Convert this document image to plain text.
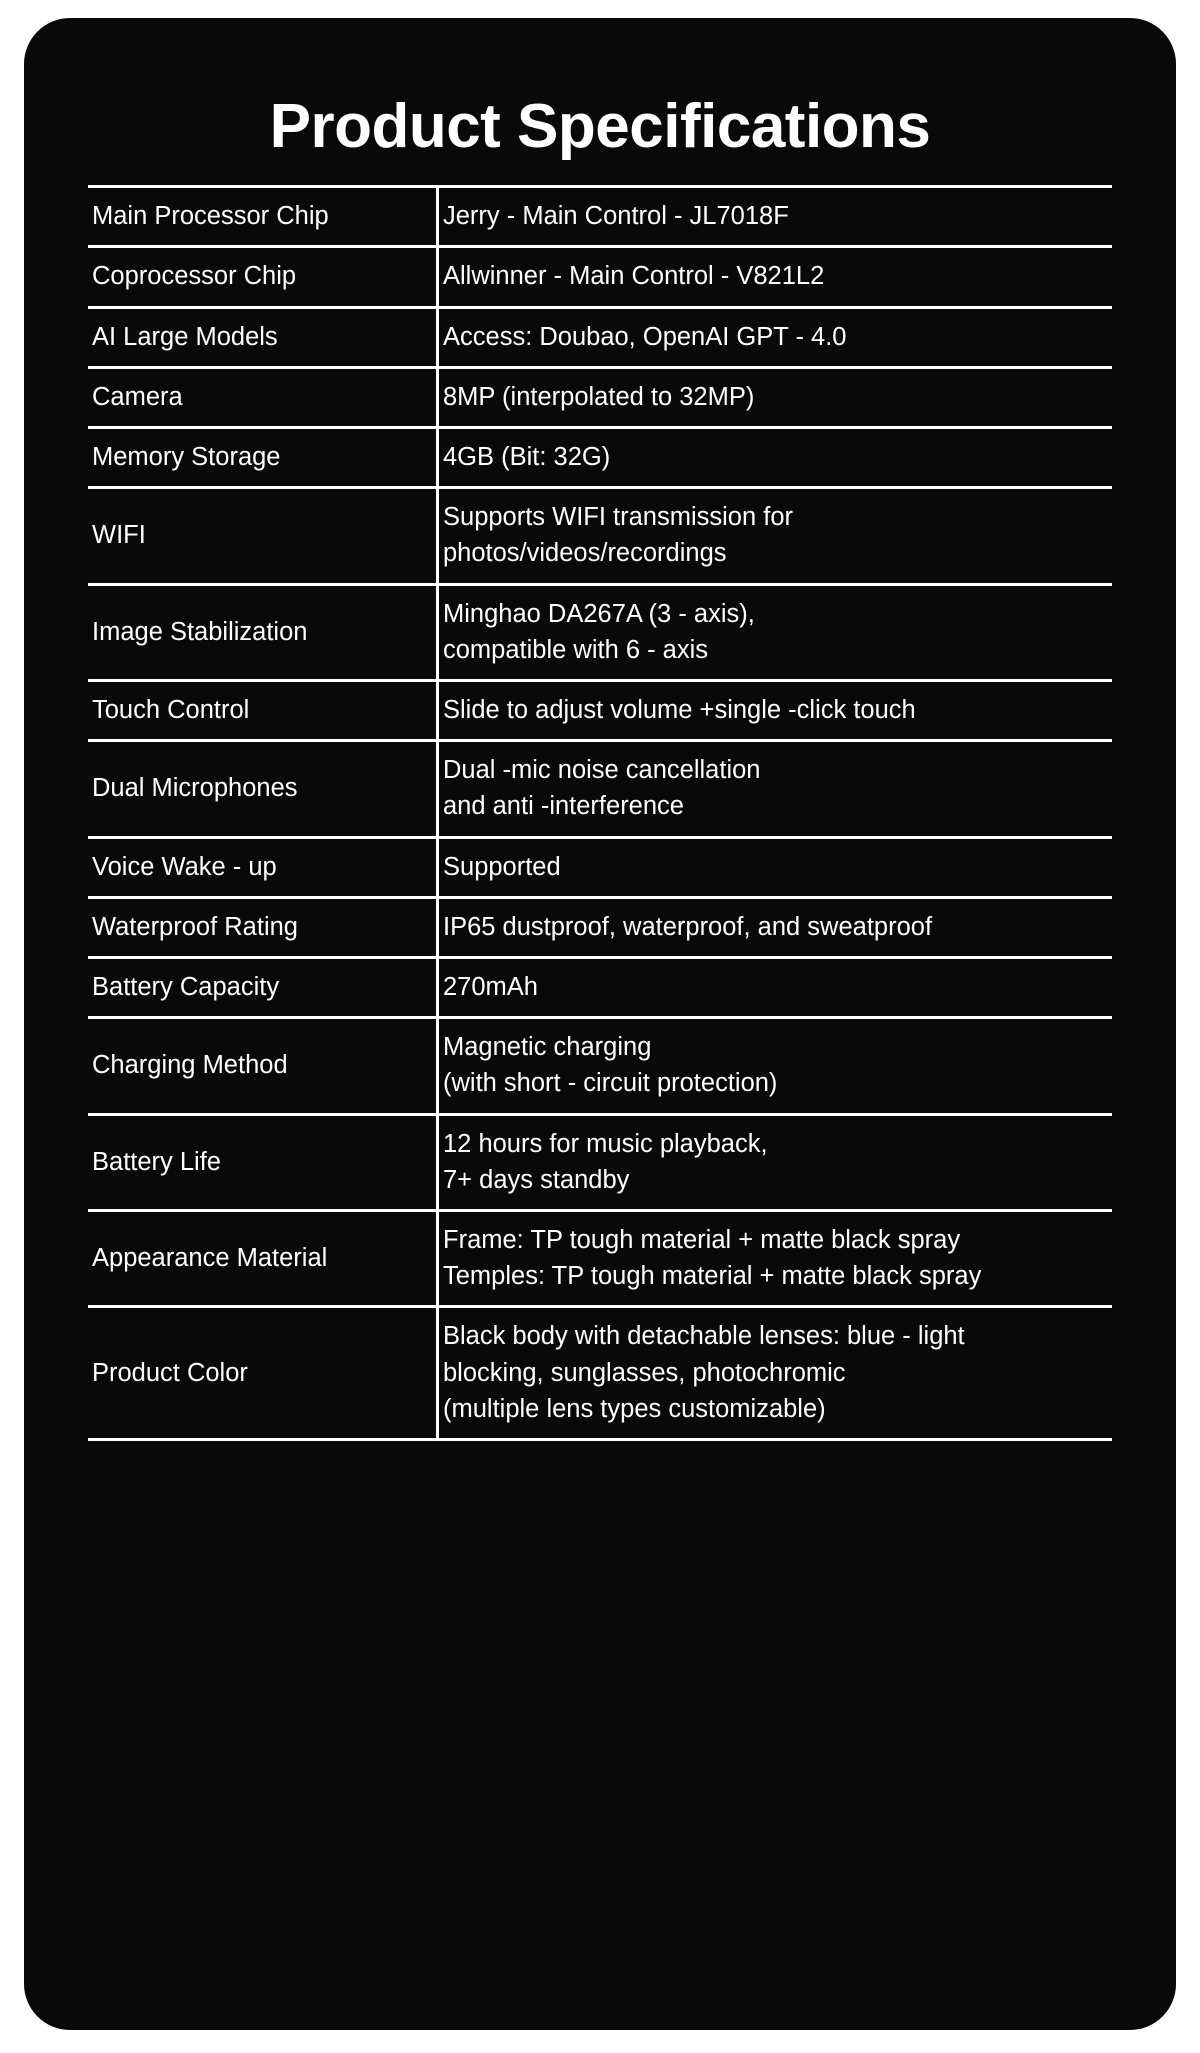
Product Specifications
Main Processor Chip	Jerry - Main Control - JL7018F

Coprocessor Chip	Allwinner - Main Control - V821L2

AI Large Models	Access: Doubao, OpenAI GPT - 4.0

Camera	8MP (interpolated to 32MP)

Memory Storage	4GB (Bit: 32G)

WIFI	Supports WIFI transmission for
photos/videos/recordings

Image Stabilization	Minghao DA267A (3 - axis),
compatible with 6 - axis

Touch Control	Slide to adjust volume +single -click touch

Dual Microphones	Dual -mic noise cancellation
and anti -interference

Voice Wake - up	Supported

Waterproof Rating	IP65 dustproof, waterproof, and sweatproof

Battery Capacity	270mAh

Charging Method	Magnetic charging
(with short - circuit protection)

Battery Life	12 hours for music playback,
7+ days standby

Appearance Material	Frame: TP tough material + matte black spray
Temples: TP tough material + matte black spray

Product Color	Black body with detachable lenses: blue - light
blocking, sunglasses, photochromic
(multiple lens types customizable)
